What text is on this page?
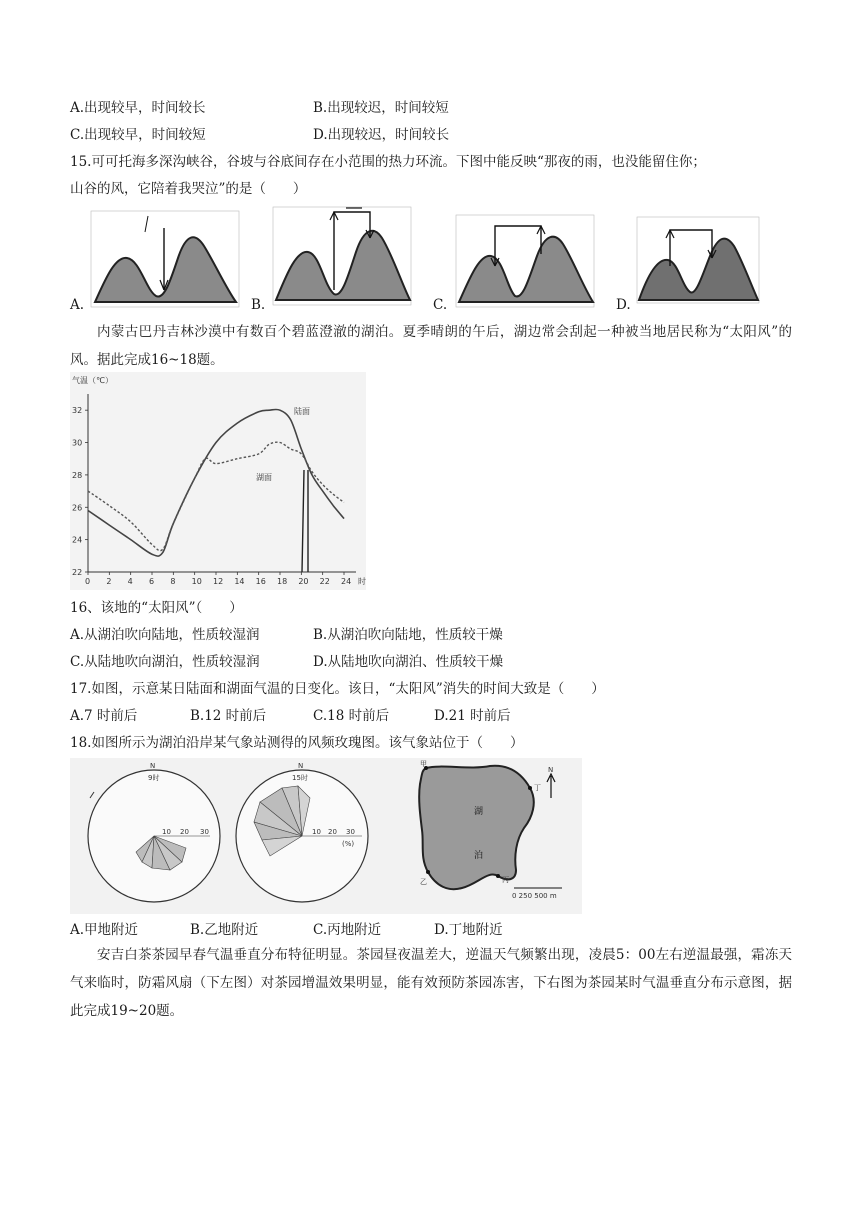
A.出现较早，时间较长	B.出现较迟，时间较短
C.出现较早，时间较短	D.出现较迟，时间较长
15.可可托海多深沟峡谷，谷坡与谷底间存在小范围的热力环流。下图中能反映“那夜的雨，也没能留住你；
山谷的风，它陪着我哭泣”的是（　　）
A.	B.	C.	D.
内蒙古巴丹吉林沙漠中有数百个碧蓝澄澈的湖泊。夏季晴朗的午后，湖边常会刮起一种被当地居民称为“太阳风”的风。据此完成16~18题。
气温（℃）
22
24
26
28
30
32
0 2 4 6 8 10 12 14 16 18 20 22 24 时
陆面
湖面
16、该地的“太阳风”（　　）
A.从湖泊吹向陆地，性质较湿润	B.从湖泊吹向陆地，性质较干燥
C.从陆地吹向湖泊，性质较湿润	D.从陆地吹向湖泊、性质较干燥
17.如图，示意某日陆面和湖面气温的日变化。该日，“太阳风”消失的时间大致是（　　）
A.7 时前后	B.12 时前后	C.18 时前后	D.21 时前后
18.如图所示为湖泊沿岸某气象站测得的风频玫瑰图。该气象站位于（　　）
N
9时
10 20 30
N
15时
10 20 30
(%)
甲
丁
乙	丙
湖
泊
N
0 250 500 m
A.甲地附近	B.乙地附近	C.丙地附近	D.丁地附近
安吉白茶茶园早春气温垂直分布特征明显。茶园昼夜温差大，逆温天气频繁出现，凌晨5：00左右逆温最强，霜冻天气来临时，防霜风扇（下左图）对茶园增温效果明显，能有效预防茶园冻害，下右图为茶园某时气温垂直分布示意图，据此完成19~20题。
